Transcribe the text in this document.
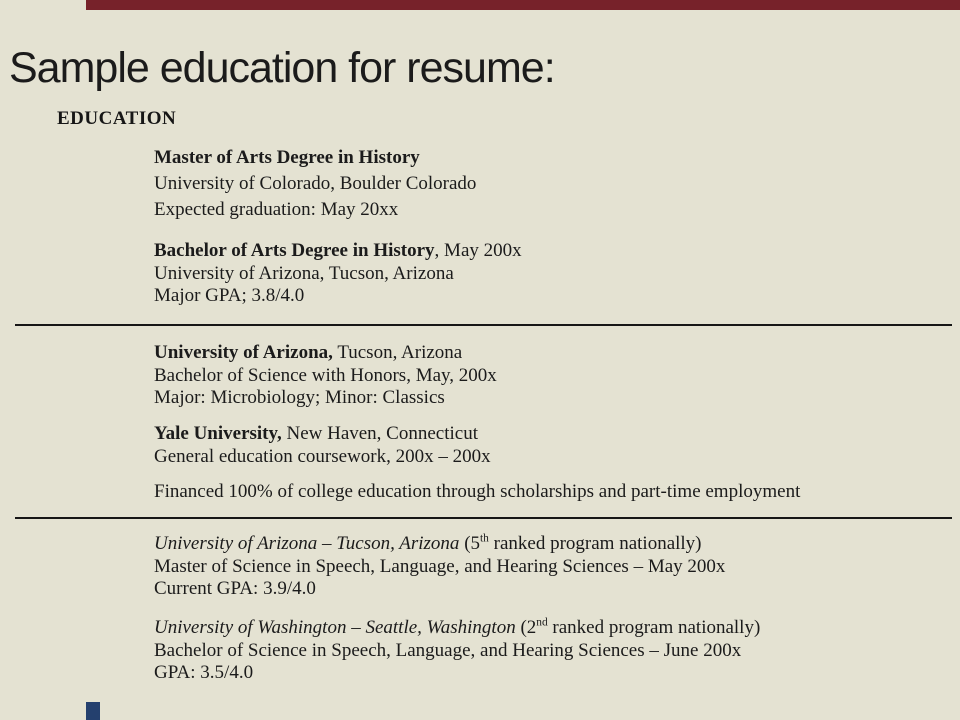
Sample education for resume:
EDUCATION
Master of Arts Degree in History
University of Colorado, Boulder Colorado
Expected graduation: May 20xx
Bachelor of Arts Degree in History, May 200x
University of Arizona, Tucson, Arizona
Major GPA; 3.8/4.0
University of Arizona, Tucson, Arizona
Bachelor of Science with Honors, May, 200x
Major: Microbiology; Minor: Classics
Yale University, New Haven, Connecticut
General education coursework, 200x – 200x
Financed 100% of college education through scholarships and part-time employment
University of Arizona – Tucson, Arizona (5th ranked program nationally)
Master of Science in Speech, Language, and Hearing Sciences – May 200x
Current GPA: 3.9/4.0
University of Washington – Seattle, Washington (2nd ranked program nationally)
Bachelor of Science in Speech, Language, and Hearing Sciences – June 200x
GPA: 3.5/4.0
